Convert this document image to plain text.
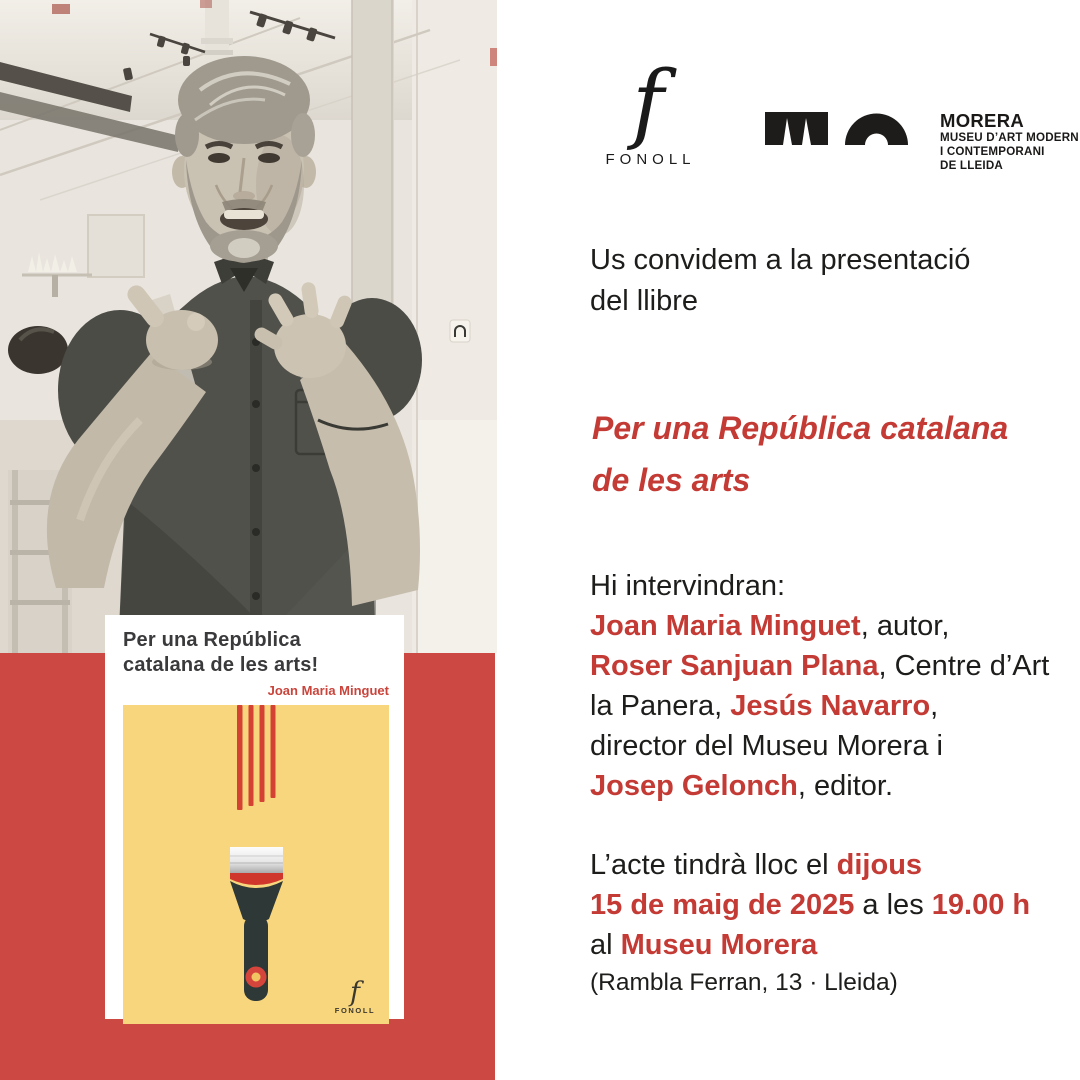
Per una República
catalana de les arts!
Joan Maria Minguet
f
FONOLL
f
FONOLL
MORERA
MUSEU D’ART MODERN
I CONTEMPORANI
DE LLEIDA
Us convidem a la presentació
del llibre
Per una República catalana
de les arts
Hi intervindran:
Joan Maria Minguet, autor,
Roser Sanjuan Plana, Centre d’Art
la Panera, Jesús Navarro,
director del Museu Morera i
Josep Gelonch, editor.
L’acte tindrà lloc el dijous
15 de maig de 2025 a les 19.00 h
al Museu Morera
(Rambla Ferran, 13 · Lleida)
